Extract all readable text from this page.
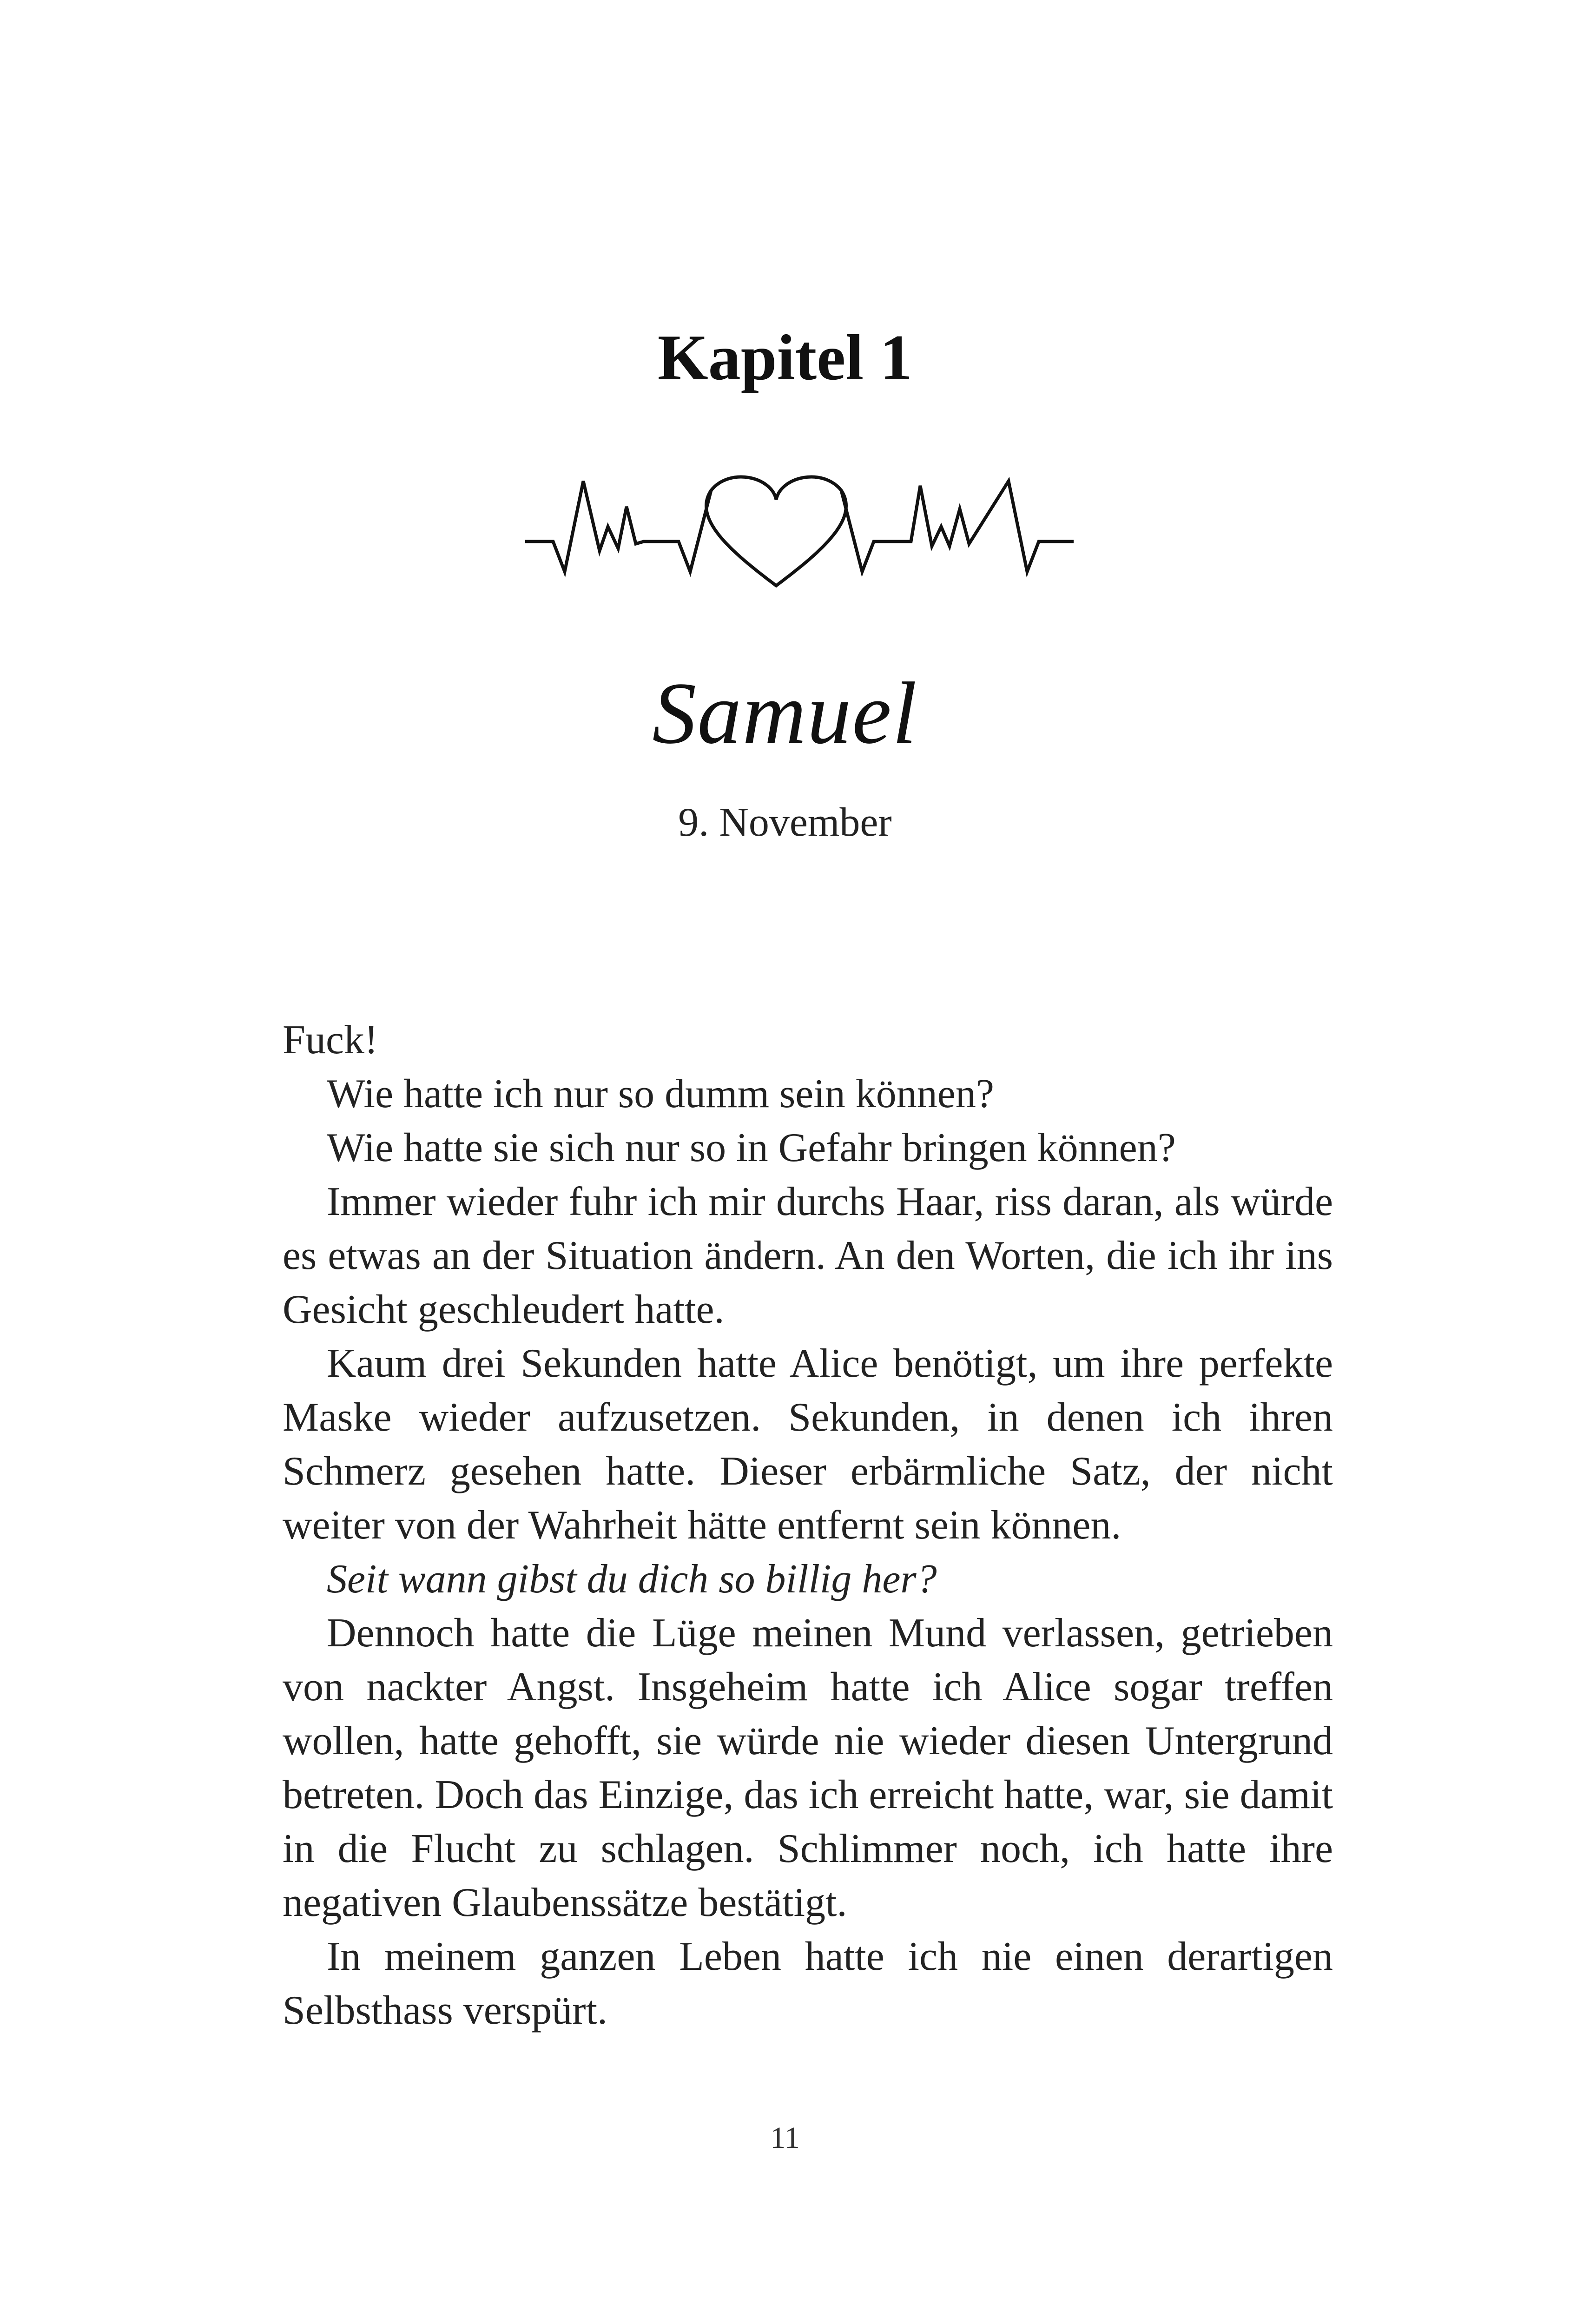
Kapitel 1
Samuel
9. November

Fuck!

Wie hatte ich nur so dumm sein können?

Wie hatte sie sich nur so in Gefahr bringen können?

Immer wieder fuhr ich mir durchs Haar, riss daran, als würde es etwas an der Situation ändern. An den Worten, die ich ihr ins Gesicht geschleudert hatte.

Kaum drei Sekunden hatte Alice benötigt, um ihre perfekte Maske wieder aufzusetzen. Sekunden, in denen ich ihren Schmerz gesehen hatte. Dieser erbärmliche Satz, der nicht weiter von der Wahrheit hätte entfernt sein können.

Seit wann gibst du dich so billig her?

Dennoch hatte die Lüge meinen Mund verlassen, getrieben von nackter Angst. Insgeheim hatte ich Alice sogar treffen wollen, hatte gehofft, sie würde nie wieder diesen Untergrund betreten. Doch das Einzige, das ich erreicht hatte, war, sie damit in die Flucht zu schlagen. Schlimmer noch, ich hatte ihre negativen Glaubenssätze bestätigt.

In meinem ganzen Leben hatte ich nie einen derartigen Selbsthass verspürt.

11
